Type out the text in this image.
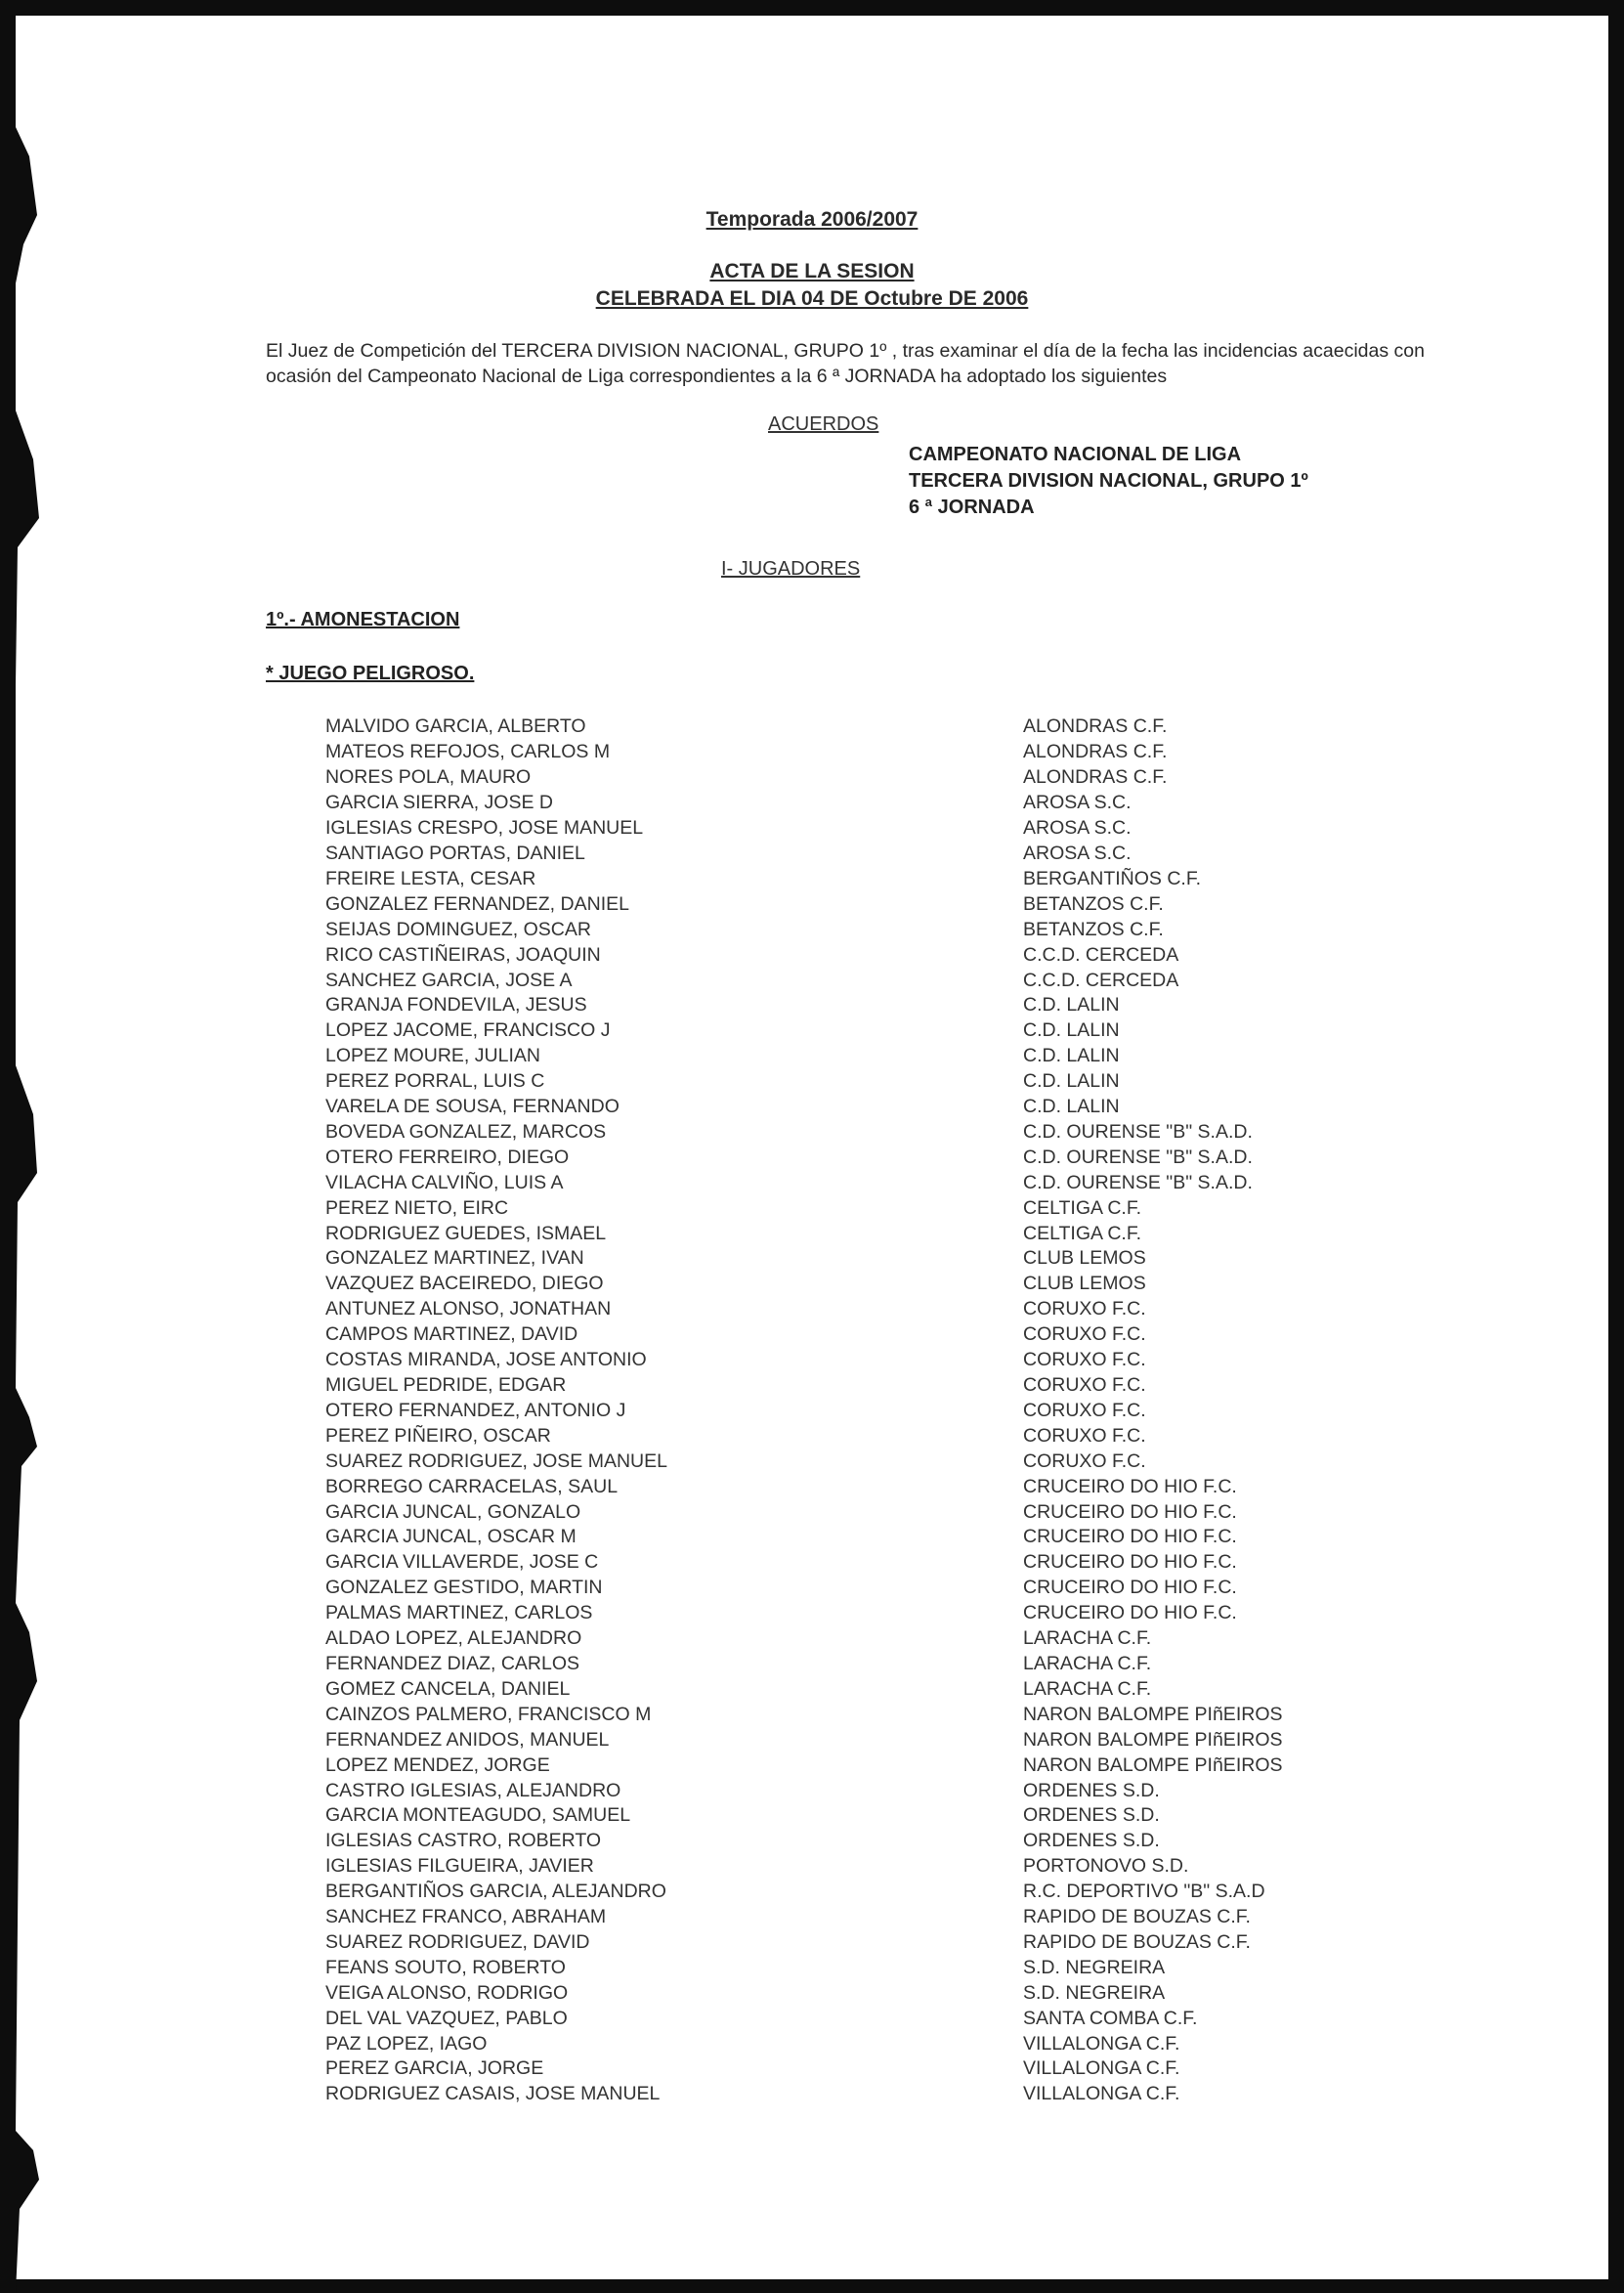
Temporada 2006/2007
ACTA DE LA SESION
CELEBRADA EL DIA 04 DE Octubre DE 2006
El Juez de Competición del TERCERA DIVISION NACIONAL, GRUPO 1º , tras examinar el día de la fecha las incidencias acaecidas con ocasión del Campeonato Nacional de Liga correspondientes a la 6 ª JORNADA ha adoptado los siguientes
ACUERDOS
CAMPEONATO NACIONAL DE LIGA
TERCERA DIVISION NACIONAL, GRUPO 1º
6 ª JORNADA
I- JUGADORES
1º.- AMONESTACION
* JUEGO PELIGROSO.
MALVIDO GARCIA, ALBERTO	ALONDRAS C.F.
MATEOS REFOJOS, CARLOS M	ALONDRAS C.F.
NORES POLA, MAURO	ALONDRAS C.F.
GARCIA SIERRA, JOSE D	AROSA S.C.
IGLESIAS CRESPO, JOSE MANUEL	AROSA S.C.
SANTIAGO PORTAS, DANIEL	AROSA S.C.
FREIRE LESTA, CESAR	BERGANTIÑOS C.F.
GONZALEZ FERNANDEZ, DANIEL	BETANZOS C.F.
SEIJAS DOMINGUEZ, OSCAR	BETANZOS C.F.
RICO CASTIÑEIRAS, JOAQUIN	C.C.D. CERCEDA
SANCHEZ GARCIA, JOSE A	C.C.D. CERCEDA
GRANJA FONDEVILA, JESUS	C.D. LALIN
LOPEZ JACOME, FRANCISCO J	C.D. LALIN
LOPEZ MOURE, JULIAN	C.D. LALIN
PEREZ PORRAL, LUIS C	C.D. LALIN
VARELA DE SOUSA, FERNANDO	C.D. LALIN
BOVEDA GONZALEZ, MARCOS	C.D. OURENSE "B" S.A.D.
OTERO FERREIRO, DIEGO	C.D. OURENSE "B" S.A.D.
VILACHA CALVIÑO, LUIS A	C.D. OURENSE "B" S.A.D.
PEREZ NIETO, EIRC	CELTIGA C.F.
RODRIGUEZ GUEDES, ISMAEL	CELTIGA C.F.
GONZALEZ MARTINEZ, IVAN	CLUB LEMOS
VAZQUEZ BACEIREDO, DIEGO	CLUB LEMOS
ANTUNEZ ALONSO, JONATHAN	CORUXO F.C.
CAMPOS MARTINEZ, DAVID	CORUXO F.C.
COSTAS MIRANDA, JOSE ANTONIO	CORUXO F.C.
MIGUEL PEDRIDE, EDGAR	CORUXO F.C.
OTERO FERNANDEZ, ANTONIO J	CORUXO F.C.
PEREZ PIÑEIRO, OSCAR	CORUXO F.C.
SUAREZ RODRIGUEZ, JOSE MANUEL	CORUXO F.C.
BORREGO CARRACELAS, SAUL	CRUCEIRO DO HIO F.C.
GARCIA JUNCAL, GONZALO	CRUCEIRO DO HIO F.C.
GARCIA JUNCAL, OSCAR M	CRUCEIRO DO HIO F.C.
GARCIA VILLAVERDE, JOSE C	CRUCEIRO DO HIO F.C.
GONZALEZ GESTIDO, MARTIN	CRUCEIRO DO HIO F.C.
PALMAS MARTINEZ, CARLOS	CRUCEIRO DO HIO F.C.
ALDAO LOPEZ, ALEJANDRO	LARACHA C.F.
FERNANDEZ DIAZ, CARLOS	LARACHA C.F.
GOMEZ CANCELA, DANIEL	LARACHA C.F.
CAINZOS PALMERO, FRANCISCO M	NARON BALOMPE PIñEIROS
FERNANDEZ ANIDOS, MANUEL	NARON BALOMPE PIñEIROS
LOPEZ MENDEZ, JORGE	NARON BALOMPE PIñEIROS
CASTRO IGLESIAS, ALEJANDRO	ORDENES S.D.
GARCIA MONTEAGUDO, SAMUEL	ORDENES S.D.
IGLESIAS CASTRO, ROBERTO	ORDENES S.D.
IGLESIAS FILGUEIRA, JAVIER	PORTONOVO S.D.
BERGANTIÑOS GARCIA, ALEJANDRO	R.C. DEPORTIVO "B" S.A.D
SANCHEZ FRANCO, ABRAHAM	RAPIDO DE BOUZAS C.F.
SUAREZ RODRIGUEZ, DAVID	RAPIDO DE BOUZAS C.F.
FEANS SOUTO, ROBERTO	S.D. NEGREIRA
VEIGA ALONSO, RODRIGO	S.D. NEGREIRA
DEL VAL VAZQUEZ, PABLO	SANTA COMBA C.F.
PAZ LOPEZ, IAGO	VILLALONGA C.F.
PEREZ GARCIA, JORGE	VILLALONGA C.F.
RODRIGUEZ CASAIS, JOSE MANUEL	VILLALONGA C.F.
